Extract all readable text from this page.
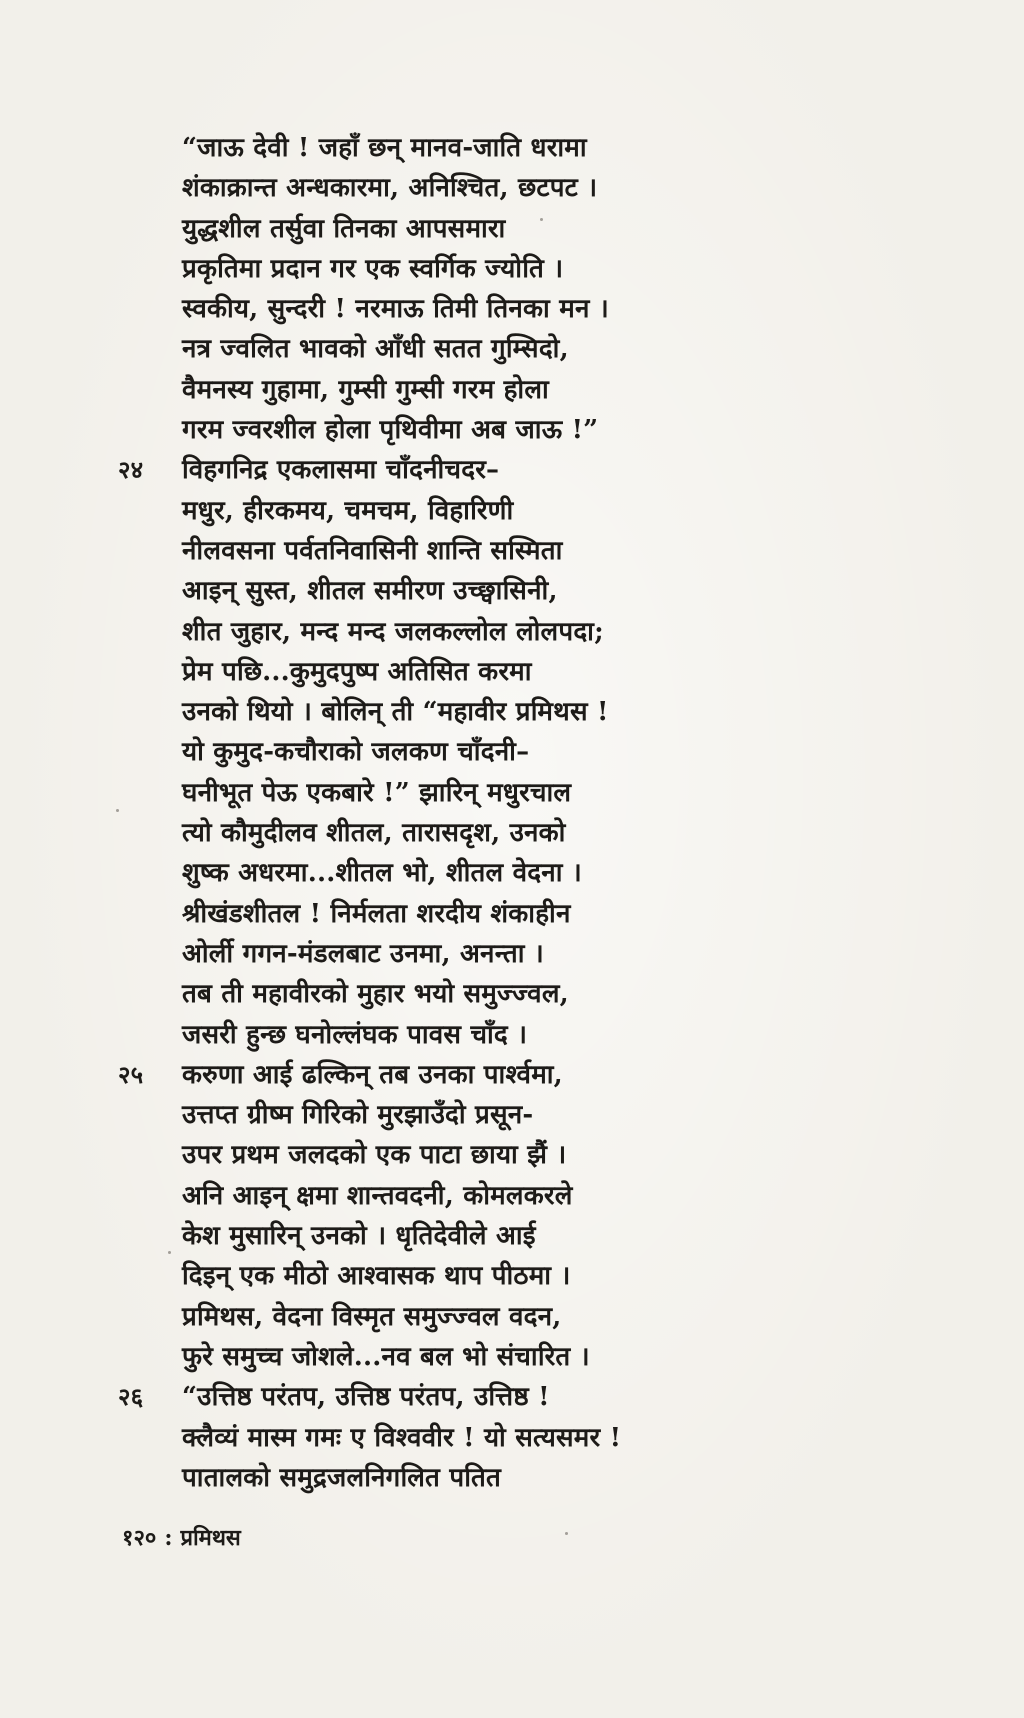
“जाऊ देवी ! जहाँ छन् मानव-जाति धरामा
शंकाक्रान्त अन्धकारमा, अनिश्चित, छटपट ।
युद्धशील तर्सुवा तिनका आपसमारा
प्रकृतिमा प्रदान गर एक स्वर्गिक ज्योति ।
स्वकीय, सुन्दरी ! नरमाऊ तिमी तिनका मन ।
नत्र ज्वलित भावको आँधी सतत गुम्सिदो,
वैमनस्य गुहामा, गुम्सी गुम्सी गरम होला
गरम ज्वरशील होला पृथिवीमा अब जाऊ !”
२४ विहगनिद्र एकलासमा चाँदनीचदर–
मधुर, हीरकमय, चमचम, विहारिणी
नीलवसना पर्वतनिवासिनी शान्ति सस्मिता
आइन् सुस्त, शीतल समीरण उच्छ्वासिनी,
शीत जुहार, मन्द मन्द जलकल्लोल लोलपदा;
प्रेम पछि...कुमुदपुष्प अतिसित करमा
उनको थियो । बोलिन् ती “महावीर प्रमिथस !
यो कुमुद-कचौराको जलकण चाँदनी–
घनीभूत पेऊ एकबारे !” झारिन् मधुरचाल
त्यो कौमुदीलव शीतल, तारासदृश, उनको
शुष्क अधरमा...शीतल भो, शीतल वेदना ।
श्रीखंडशीतल ! निर्मलता शरदीय शंकाहीन
ओर्ली गगन-मंडलबाट उनमा, अनन्ता ।
तब ती महावीरको मुहार भयो समुज्ज्वल,
जसरी हुन्छ घनोल्लंघक पावस चाँद ।
२५ करुणा आई ढल्किन् तब उनका पार्श्वमा,
उत्तप्त ग्रीष्म गिरिको मुरझाउँदो प्रसून-
उपर प्रथम जलदको एक पाटा छाया झैं ।
अनि आइन् क्षमा शान्तवदनी, कोमलकरले
केश मुसारिन् उनको । धृतिदेवीले आई
दिइन् एक मीठो आश्वासक थाप पीठमा ।
प्रमिथस, वेदना विस्मृत समुज्ज्वल वदन,
फुरे समुच्च जोशले...नव बल भो संचारित ।
२६ “उत्तिष्ठ परंतप, उत्तिष्ठ परंतप, उत्तिष्ठ !
क्लैव्यं मास्म गमः ए विश्ववीर ! यो सत्यसमर !
पातालको समुद्रजलनिगलित पतित
१२० : प्रमिथस
